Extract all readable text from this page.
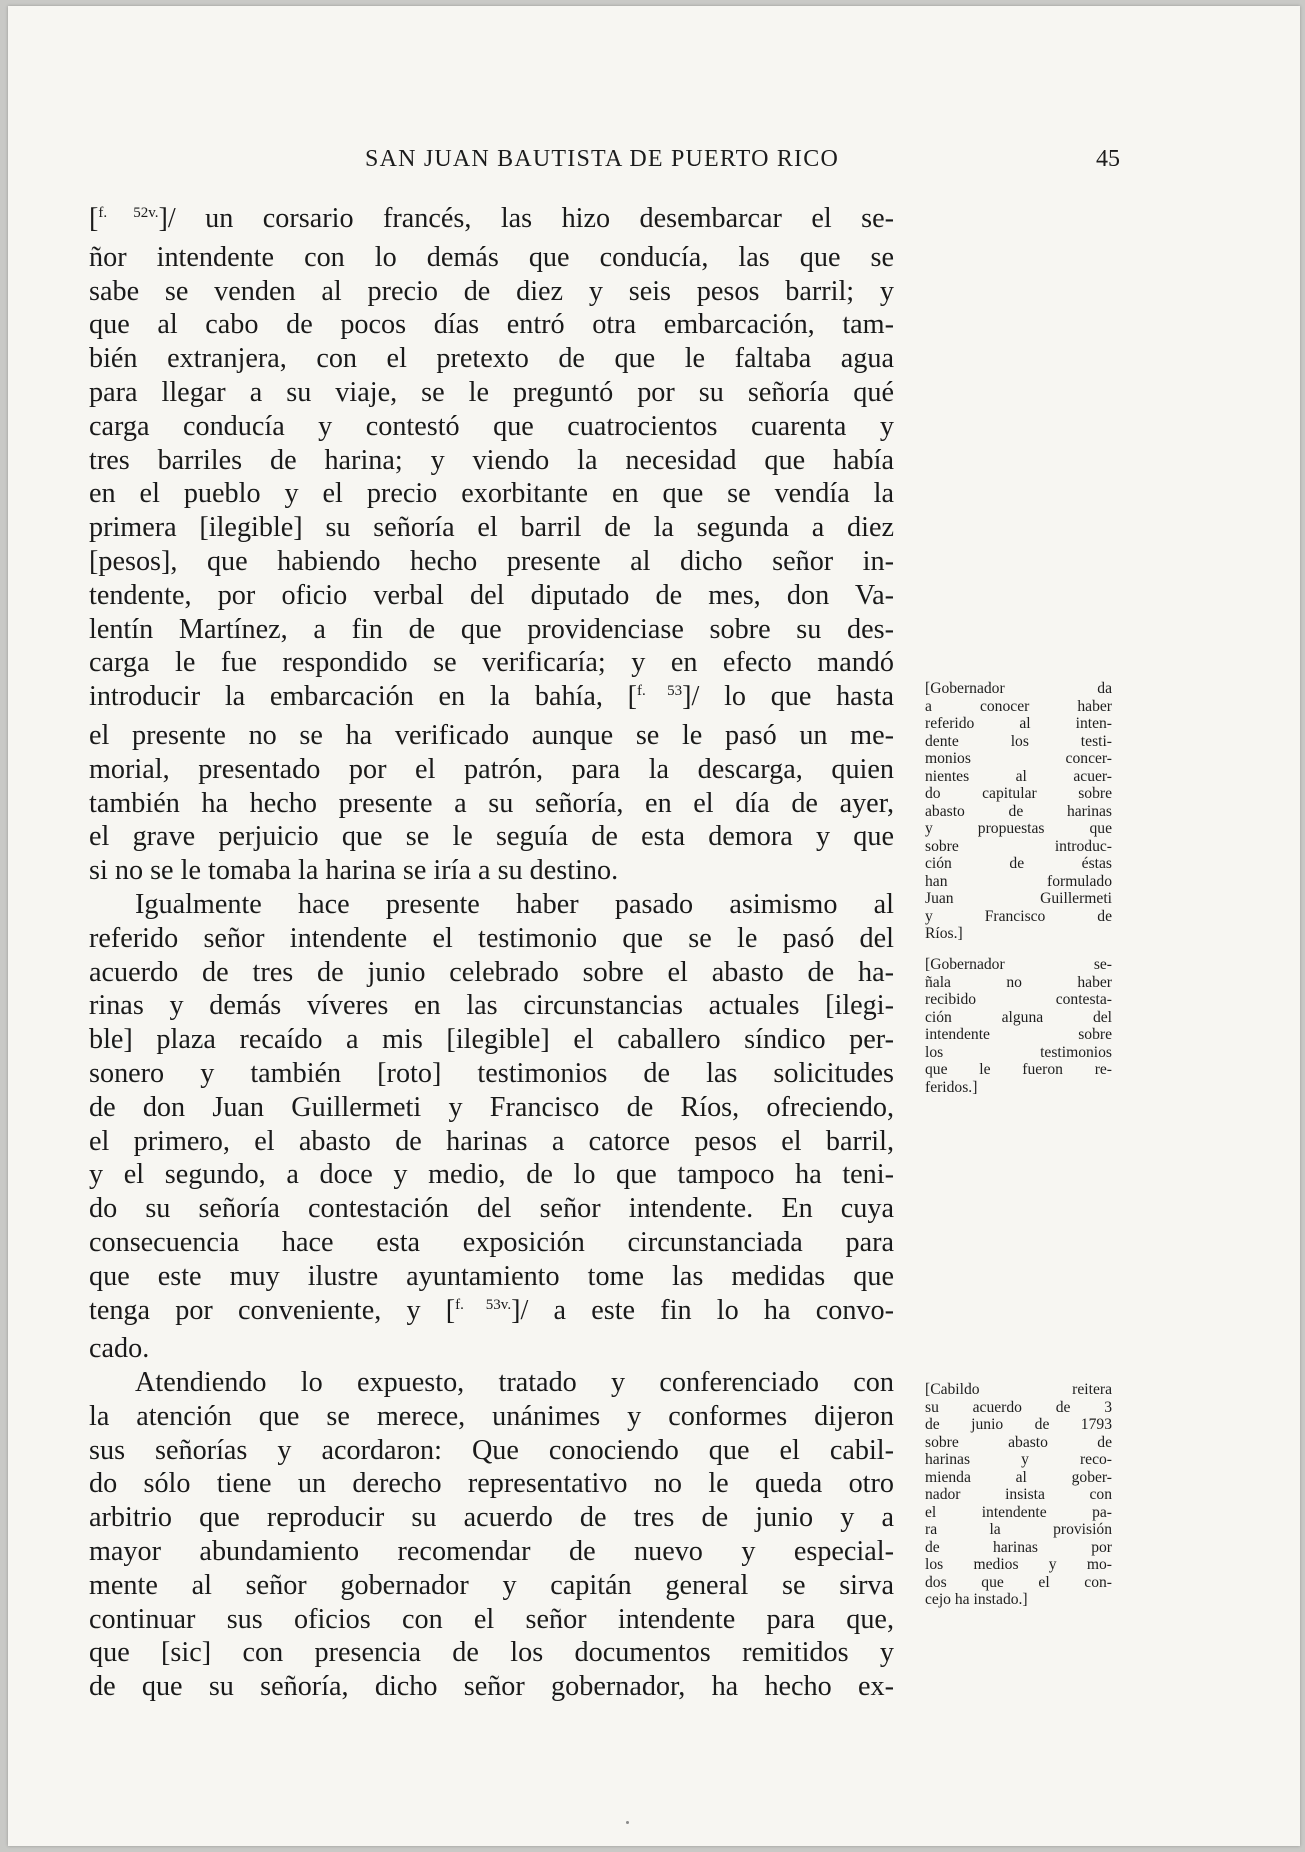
SAN JUAN BAUTISTA DE PUERTO RICO	45

[$^{f. 52v.}$]/ un corsario francés, las hizo desembarcar el se-

ñor intendente con lo demás que conducía, las que se

sabe se venden al precio de diez y seis pesos barril; y

que al cabo de pocos días entró otra embarcación, tam-

bién extranjera, con el pretexto de que le faltaba agua

para llegar a su viaje, se le preguntó por su señoría qué

carga conducía y contestó que cuatrocientos cuarenta y

tres barriles de harina; y viendo la necesidad que había

en el pueblo y el precio exorbitante en que se vendía la

primera [ilegible] su señoría el barril de la segunda a diez

[pesos], que habiendo hecho presente al dicho señor in-

tendente, por oficio verbal del diputado de mes, don Va-

lentín Martínez, a fin de que providenciase sobre su des-

carga le fue respondido se verificaría; y en efecto mandó

introducir la embarcación en la bahía, [$^{f. 53}$]/ lo que hasta

el presente no se ha verificado aunque se le pasó un me-

morial, presentado por el patrón, para la descarga, quien

también ha hecho presente a su señoría, en el día de ayer,

el grave perjuicio que se le seguía de esta demora y que

si no se le tomaba la harina se iría a su destino.

Igualmente hace presente haber pasado asimismo al

referido señor intendente el testimonio que se le pasó del

acuerdo de tres de junio celebrado sobre el abasto de ha-

rinas y demás víveres en las circunstancias actuales [ilegi-

ble] plaza recaído a mis [ilegible] el caballero síndico per-

sonero y también [roto] testimonios de las solicitudes

de don Juan Guillermeti y Francisco de Ríos, ofreciendo,

el primero, el abasto de harinas a catorce pesos el barril,

y el segundo, a doce y medio, de lo que tampoco ha teni-

do su señoría contestación del señor intendente. En cuya

consecuencia hace esta exposición circunstanciada para

que este muy ilustre ayuntamiento tome las medidas que

tenga por conveniente, y [$^{f. 53v.}$]/ a este fin lo ha convo-

cado.

Atendiendo lo expuesto, tratado y conferenciado con

la atención que se merece, unánimes y conformes dijeron

sus señorías y acordaron: Que conociendo que el cabil-

do sólo tiene un derecho representativo no le queda otro

arbitrio que reproducir su acuerdo de tres de junio y a

mayor abundamiento recomendar de nuevo y especial-

mente al señor gobernador y capitán general se sirva

continuar sus oficios con el señor intendente para que,

que [sic] con presencia de los documentos remitidos y

de que su señoría, dicho señor gobernador, ha hecho ex-

[Gobernador da

a conocer haber

referido al inten-

dente los testi-

monios concer-

nientes al acuer-

do capitular sobre

abasto de harinas

y propuestas que

sobre introduc-

ción de éstas

han formulado

Juan Guillermeti

y Francisco de

Ríos.]

[Gobernador se-

ñala no haber

recibido contesta-

ción alguna del

intendente sobre

los testimonios

que le fueron re-

feridos.]

[Cabildo reitera

su acuerdo de 3

de junio de 1793

sobre abasto de

harinas y reco-

mienda al gober-

nador insista con

el intendente pa-

ra la provisión

de harinas por

los medios y mo-

dos que el con-

cejo ha instado.]
